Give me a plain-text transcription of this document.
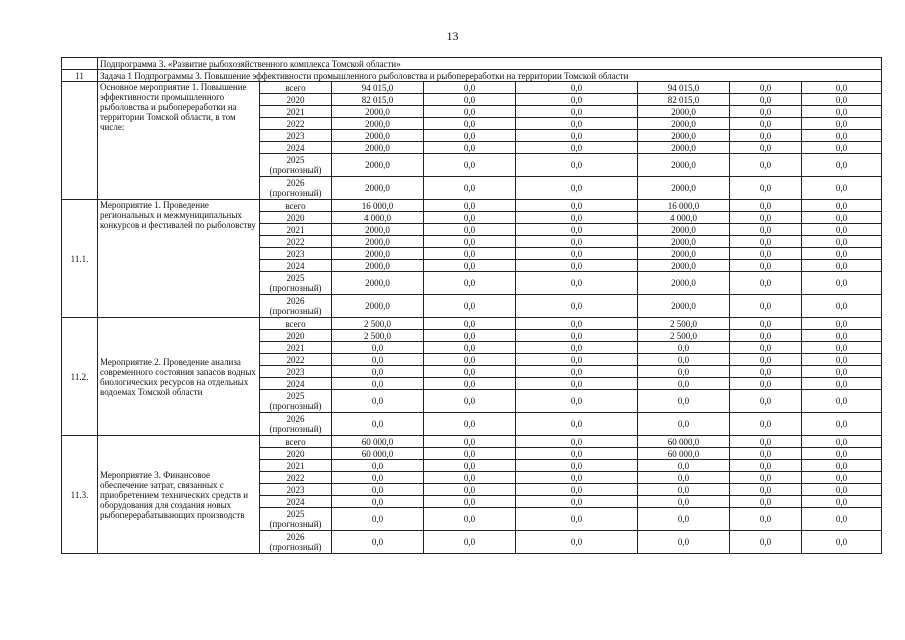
13
	Подпрограмма 3. «Развитие рыбохозяйственного комплекса Томской области»							
11	Задача 1 Подпрограммы 3. Повышение эффективности промышленного рыболовства и рыбопереработки на территории Томской области							
	Основное мероприятие 1. Повышение эффективности промышленного рыболовства и рыбопереработки на территории Томской области, в том числе:	всего	94 015,0	0,0	0,0	94 015,0	0,0	0,0
		2020	82 015,0	0,0	0,0	82 015,0	0,0	0,0
		2021	2000,0	0,0	0,0	2000,0	0,0	0,0
		2022	2000,0	0,0	0,0	2000,0	0,0	0,0
		2023	2000,0	0,0	0,0	2000,0	0,0	0,0
		2024	2000,0	0,0	0,0	2000,0	0,0	0,0
		2025 (прогнозный)	2000,0	0,0	0,0	2000,0	0,0	0,0
		2026 (прогнозный)	2000,0	0,0	0,0	2000,0	0,0	0,0
11.1.	Мероприятие 1. Проведение региональных и межмуниципальных конкурсов и фестивалей по рыболовству	всего	16 000,0	0,0	0,0	16 000,0	0,0	0,0
		2020	4 000,0	0,0	0,0	4 000,0	0,0	0,0
		2021	2000,0	0,0	0,0	2000,0	0,0	0,0
		2022	2000,0	0,0	0,0	2000,0	0,0	0,0
		2023	2000,0	0,0	0,0	2000,0	0,0	0,0
		2024	2000,0	0,0	0,0	2000,0	0,0	0,0
		2025 (прогнозный)	2000,0	0,0	0,0	2000,0	0,0	0,0
		2026 (прогнозный)	2000,0	0,0	0,0	2000,0	0,0	0,0
11.2.	Мероприятие 2. Проведение анализа современного состояния запасов водных биологических ресурсов на отдельных водоемах Томской области	всего	2 500,0	0,0	0,0	2 500,0	0,0	0,0
		2020	2 500,0	0,0	0,0	2 500,0	0,0	0,0
		2021	0,0	0,0	0,0	0,0	0,0	0,0
		2022	0,0	0,0	0,0	0,0	0,0	0,0
		2023	0,0	0,0	0,0	0,0	0,0	0,0
		2024	0,0	0,0	0,0	0,0	0,0	0,0
		2025 (прогнозный)	0,0	0,0	0,0	0,0	0,0	0,0
		2026 (прогнозный)	0,0	0,0	0,0	0,0	0,0	0,0
11.3.	Мероприятие 3. Финансовое обеспечение затрат, связанных с приобретением технических средств и оборудования для создания новых рыбоперерабатывающих производств	всего	60 000,0	0,0	0,0	60 000,0	0,0	0,0
		2020	60 000,0	0,0	0,0	60 000,0	0,0	0,0
		2021	0,0	0,0	0,0	0,0	0,0	0,0
		2022	0,0	0,0	0,0	0,0	0,0	0,0
		2023	0,0	0,0	0,0	0,0	0,0	0,0
		2024	0,0	0,0	0,0	0,0	0,0	0,0
		2025 (прогнозный)	0,0	0,0	0,0	0,0	0,0	0,0
		2026 (прогнозный)	0,0	0,0	0,0	0,0	0,0	0,0
